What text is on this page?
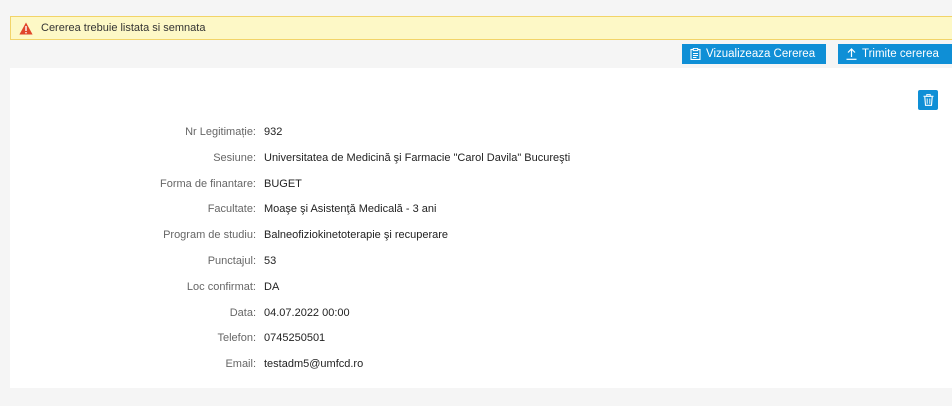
Cererea trebuie listata si semnata
Vizualizeaza Cererea	Trimite cererea
Nr Legitimație: 932
Sesiune: Universitatea de Medicină şi Farmacie "Carol Davila" Bucureşti
Forma de finantare: BUGET
Facultate: Moaşe şi Asistenţă Medicală - 3 ani
Program de studiu: Balneofiziokinetoterapie şi recuperare
Punctajul: 53
Loc confirmat: DA
Data: 04.07.2022 00:00
Telefon: 0745250501
Email: testadm5@umfcd.ro
